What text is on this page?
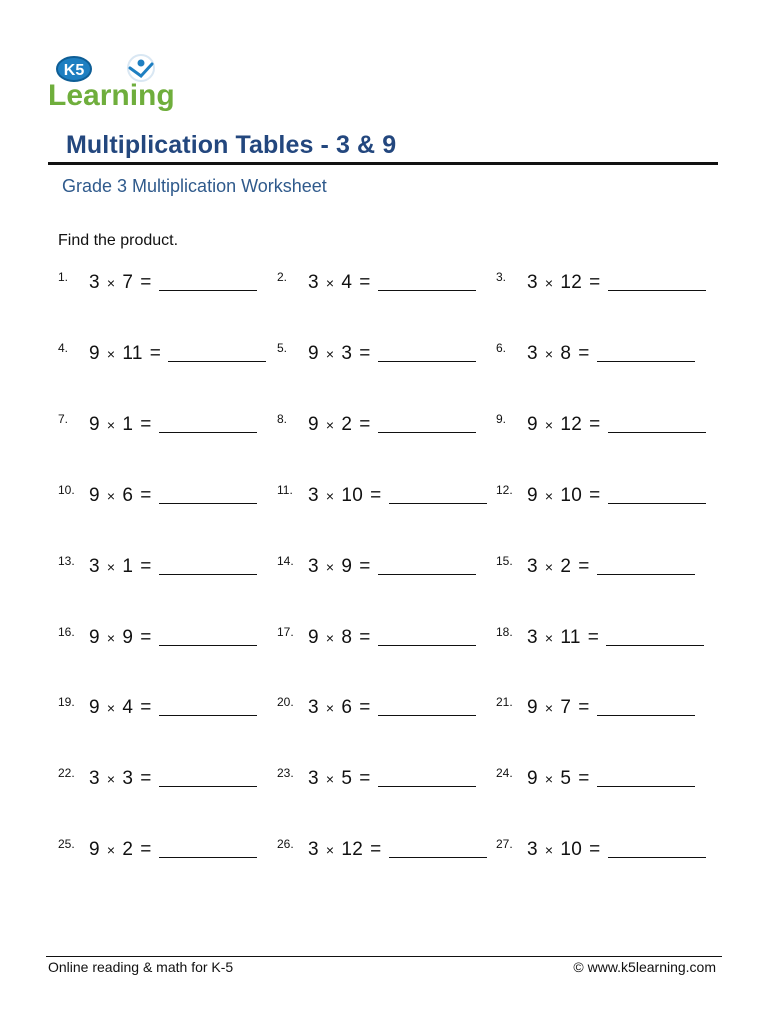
K5
Learning
Multiplication Tables - 3 & 9
Grade 3 Multiplication Worksheet
Find the product.
1. 3 × 7 =	2. 3 × 4 =	3. 3 × 12 =
4. 9 × 11 =	5. 9 × 3 =	6. 3 × 8 =
7. 9 × 1 =	8. 9 × 2 =	9. 9 × 12 =
10. 9 × 6 =	11. 3 × 10 =	12. 9 × 10 =
13. 3 × 1 =	14. 3 × 9 =	15. 3 × 2 =
16. 9 × 9 =	17. 9 × 8 =	18. 3 × 11 =
19. 9 × 4 =	20. 3 × 6 =	21. 9 × 7 =
22. 3 × 3 =	23. 3 × 5 =	24. 9 × 5 =
25. 9 × 2 =	26. 3 × 12 =	27. 3 × 10 =
Online reading & math for K-5	© www.k5learning.com
